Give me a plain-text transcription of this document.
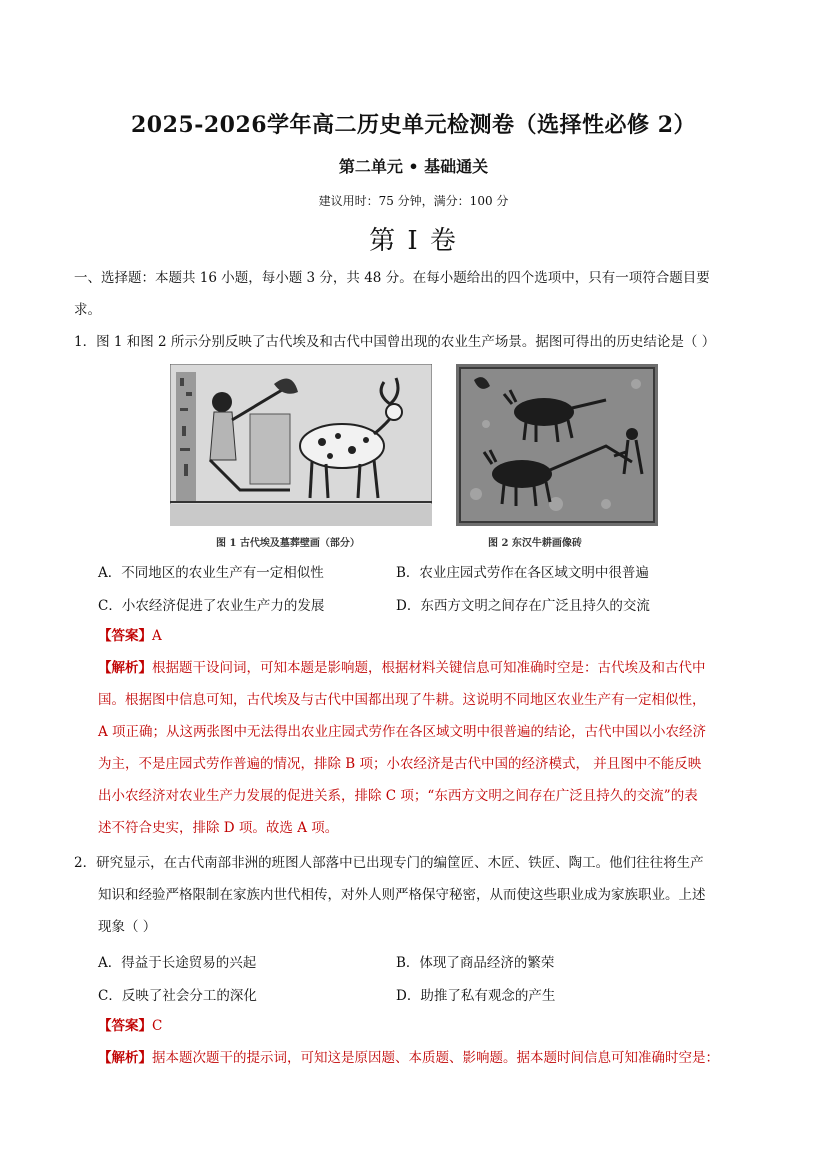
2025-2026学年高二历史单元检测卷（选择性必修 2）
第二单元 • 基础通关
建议用时：75 分钟，满分：100 分
第 I 卷
一、选择题：本题共 16 小题，每小题 3 分，共 48 分。在每小题给出的四个选项中，只有一项符合题目要
求。
1．图 1 和图 2 所示分别反映了古代埃及和古代中国曾出现的农业生产场景。据图可得出的历史结论是（ ）
图 1 古代埃及墓葬壁画（部分）	图 2 东汉牛耕画像砖
A．不同地区的农业生产有一定相似性	B．农业庄园式劳作在各区域文明中很普遍
C．小农经济促进了农业生产力的发展	D．东西方文明之间存在广泛且持久的交流
【答案】A
【解析】根据题干设问词，可知本题是影响题，根据材料关键信息可知准确时空是：古代埃及和古代中
国。根据图中信息可知，古代埃及与古代中国都出现了牛耕。这说明不同地区农业生产有一定相似性，
A 项正确；从这两张图中无法得出农业庄园式劳作在各区域文明中很普遍的结论，古代中国以小农经济
为主，不是庄园式劳作普遍的情况，排除 B 项；小农经济是古代中国的经济模式， 并且图中不能反映
出小农经济对农业生产力发展的促进关系，排除 C 项；“东西方文明之间存在广泛且持久的交流”的表
述不符合史实，排除 D 项。故选 A 项。
2．研究显示，在古代南部非洲的班图人部落中已出现专门的编筐匠、木匠、铁匠、陶工。他们往往将生产
知识和经验严格限制在家族内世代相传，对外人则严格保守秘密，从而使这些职业成为家族职业。上述
现象（ ）
A．得益于长途贸易的兴起	B．体现了商品经济的繁荣
C．反映了社会分工的深化	D．助推了私有观念的产生
【答案】C
【解析】据本题次题干的提示词，可知这是原因题、本质题、影响题。据本题时间信息可知准确时空是：
